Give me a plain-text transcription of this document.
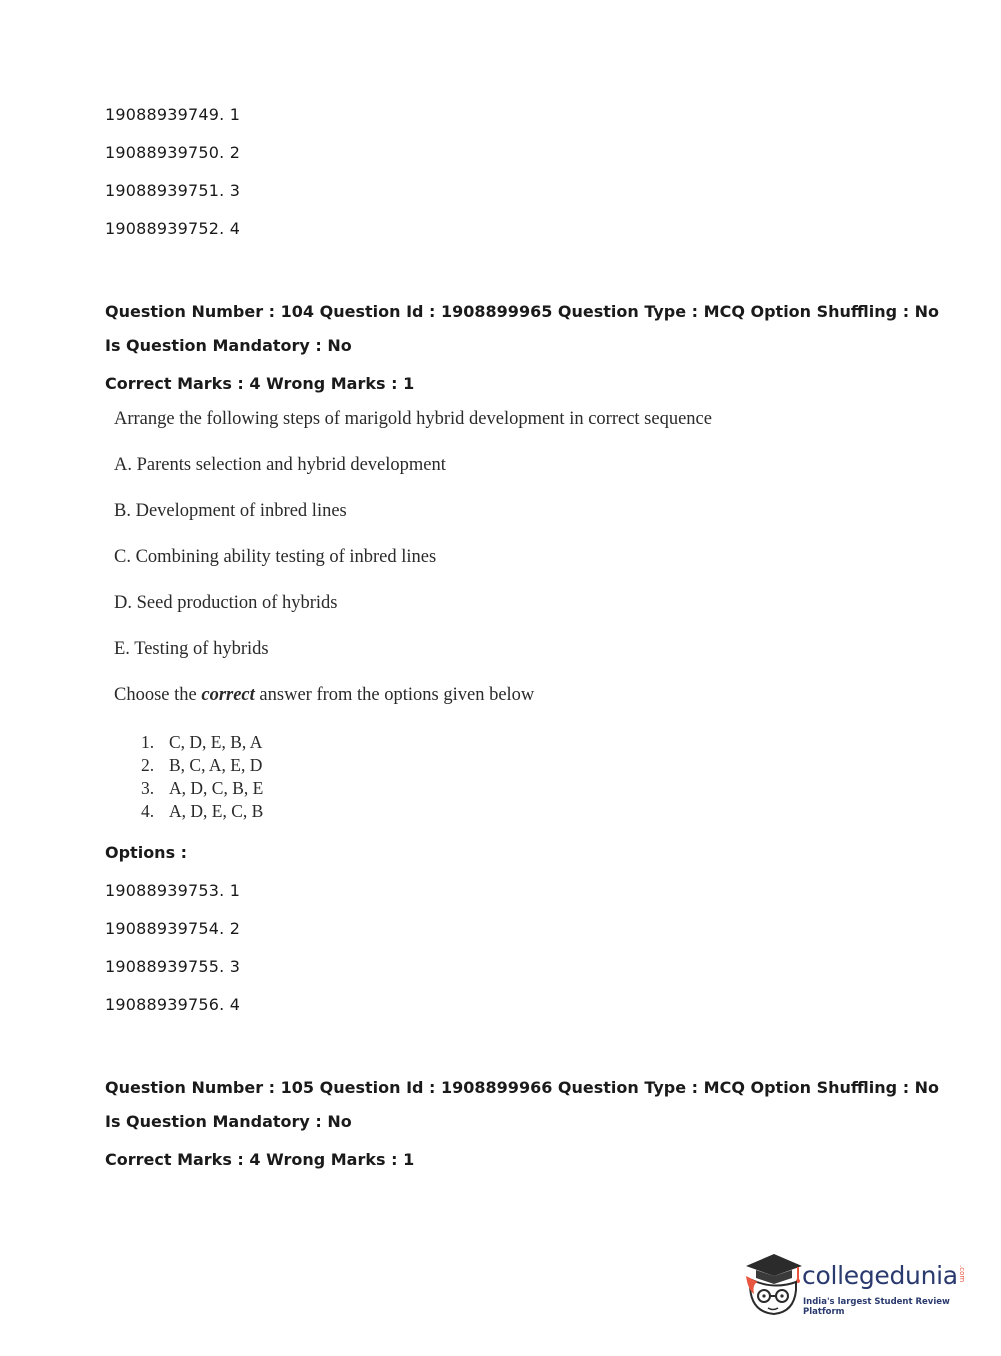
19088939749. 1
19088939750. 2
19088939751. 3
19088939752. 4
Question Number : 104 Question Id : 1908899965 Question Type : MCQ Option Shuffling : No
Is Question Mandatory : No
Correct Marks : 4 Wrong Marks : 1
Arrange the following steps of marigold hybrid development in correct sequence
A. Parents selection and hybrid development
B. Development of inbred lines
C. Combining ability testing of inbred lines
D. Seed production of hybrids
E. Testing of hybrids
Choose the correct answer from the options given below
1. C, D, E, B, A
2. B, C, A, E, D
3. A, D, C, B, E
4. A, D, E, C, B
Options :
19088939753. 1
19088939754. 2
19088939755. 3
19088939756. 4
Question Number : 105 Question Id : 1908899966 Question Type : MCQ Option Shuffling : No
Is Question Mandatory : No
Correct Marks : 4 Wrong Marks : 1
collegedunia .com
India's largest Student Review Platform
